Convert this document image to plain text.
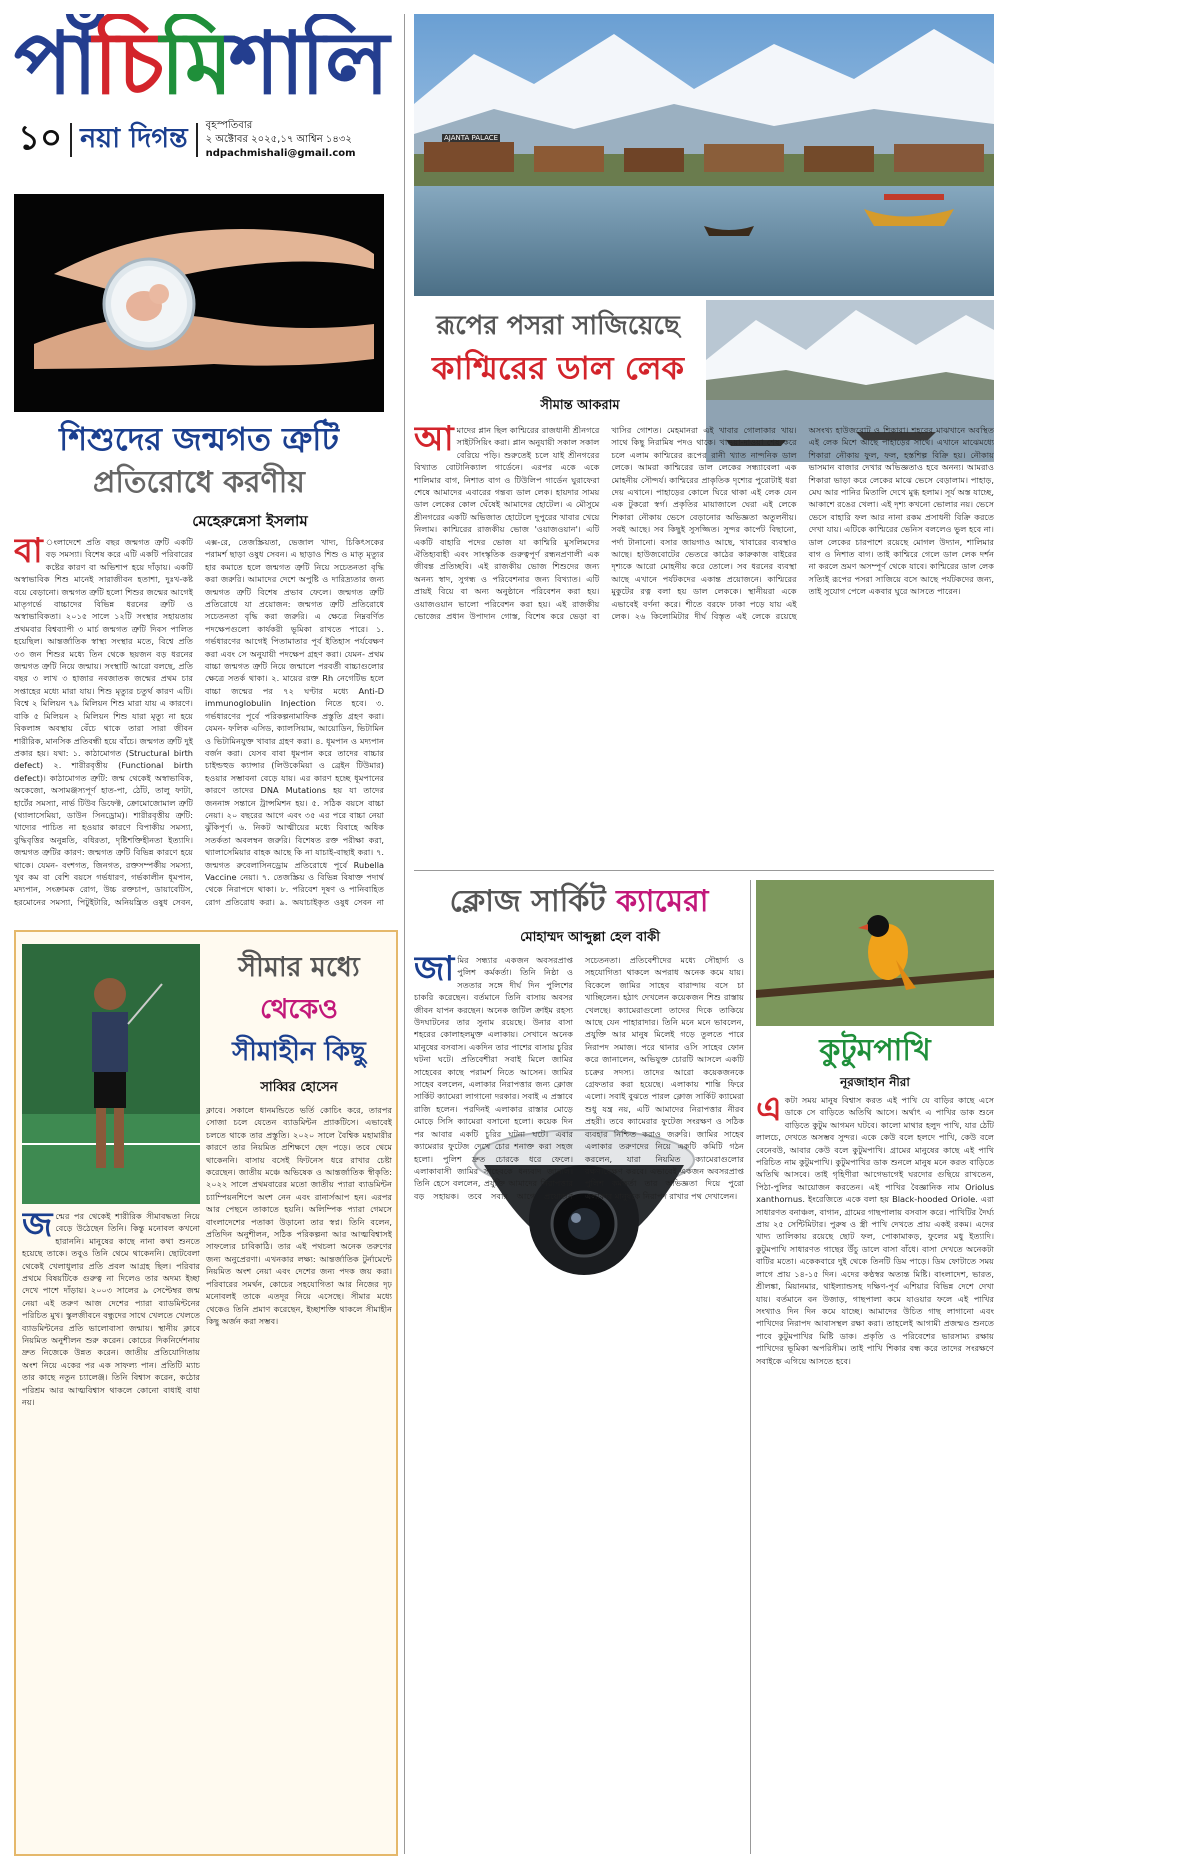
পাঁচিমিশালি
১০ নয়া দিগন্ত বৃহস্পতিবার
২ অক্টোবর ২০২৫,১৭ আশ্বিন ১৪৩২
ndpachmishali@gmail.com
শিশুদের জন্মগত ত্রুটি
প্রতিরোধে করণীয়
মেহেরুন্নেসা ইসলাম
বা ংলাদেশে প্রতি বছর জন্মগত ত্রুটি একটি বড় সমস্যা। বিশেষ করে এটি একটি পরিবারের কষ্টের কারণ বা অভিশাপ হয়ে দাঁড়ায়। একটি অস্বাভাবিক শিশু মানেই সারাজীবন হতাশা, দুঃখ-কষ্ট বয়ে বেড়ানো। জন্মগত ত্রুটি হলো শিশুর জন্মের আগেই মাতৃগর্ভে বাচ্চাদের বিভিন্ন ধরনের ত্রুটি ও অস্বাভাবিকতা। ২০১৫ সালে ১২টি সংস্থার সহায়তায় প্রথমবার বিশ্বব্যাপী ৩ মার্চ জন্মগত ত্রুটি দিবস পালিত হয়েছিল। আন্তর্জাতিক স্বাস্থ্য সংস্থার মতে, বিশ্বে প্রতি ৩৩ জন শিশুর মধ্যে তিন থেকে ছয়জন বড় ধরনের জন্মগত ত্রুটি নিয়ে জন্মায়। সংস্থাটি আরো বলছে, প্রতি বছর ৩ লাখ ৩ হাজার নবজাতক জন্মের প্রথম চার সপ্তাহের মধ্যে মারা যায়। শিশু মৃত্যুর চতুর্থ কারণ এটি। বিশ্বে ২ মিলিয়ন ৭৯ মিলিয়ন শিশু মারা যায় এ কারণে। বাকি ৫ মিলিয়ন ২ মিলিয়ন শিশু যারা মৃত্যু না হয়ে বিকলাঙ্গ অবস্থায় বেঁচে থাকে তারা সারা জীবন শারীরিক, মানসিক প্রতিবন্ধী হয়ে বাঁচে। জন্মগত ত্রুটি দুই প্রকার হয়। যথা: ১. কাঠামোগত (Structural birth defect) ২. শারীরবৃত্তীয় (Functional birth defect)। কাঠামোগত ত্রুটি: জন্ম থেকেই অস্বাভাবিক, অকেজো, অসামঞ্জস্যপূর্ণ হাত-পা, ঠোঁট, তালু ফাটা, হার্টের সমস্যা, নার্ভ টিউব ডিফেক্ট, ক্রোমোজোমাল ত্রুটি (থ্যালাসেমিয়া, ডাউন সিনড্রোম)। শারীরবৃত্তীয় ত্রুটি: খাদ্যের পাচিত না হওয়ার কারণে বিপাকীয় সমস্যা, বুদ্ধিবৃত্তির অনুন্নতি, বধিরতা, দৃষ্টিশক্তিহীনতা ইত্যাদি। জন্মগত ত্রুটির কারণ: জন্মগত ত্রুটি বিভিন্ন কারণে হয়ে থাকে। যেমন- বংশগত, জিনগত, রক্তসম্পর্কীয় সমস্যা, খুব কম বা বেশি বয়সে গর্ভধারণ, গর্ভকালীন ধূমপান, মদ্যপান, সংক্রামক রোগ, উচ্চ রক্তচাপ, ডায়াবেটিস, হরমোনের সমস্যা, পিটুইটারি, অনিয়ন্ত্রিত ওষুধ সেবন, এক্স-রে, তেজস্ক্রিয়তা, ভেজাল খাদ্য, চিকিৎসকের পরামর্শ ছাড়া ওষুধ সেবন। এ ছাড়াও শিশু ও মাতৃ মৃত্যুর হার কমাতে হলে জন্মগত ত্রুটি নিয়ে সচেতনতা বৃদ্ধি করা জরুরি। আমাদের দেশে অপুষ্টি ও দারিদ্র্যতার জন্য জন্মগত ত্রুটি বিশেষ প্রভাব ফেলে। জন্মগত ত্রুটি প্রতিরোধে যা প্রয়োজন: জন্মগত ত্রুটি প্রতিরোধে সচেতনতা বৃদ্ধি করা জরুরি। এ ক্ষেত্রে নিম্নবর্ণিত পদক্ষেপগুলো কার্যকরী ভূমিকা রাখতে পারে। ১. গর্ভধারণের আগেই পিতামাতার পূর্ব ইতিহাস পর্যবেক্ষণ করা এবং সে অনুযায়ী পদক্ষেপ গ্রহণ করা। যেমন- প্রথম বাচ্চা জন্মগত ত্রুটি নিয়ে জন্মালে পরবর্তী বাচ্চাগুলোর ক্ষেত্রে সতর্ক থাকা। ২. মায়ের রক্ত Rh নেগেটিভ হলে বাচ্চা জন্মের পর ৭২ ঘণ্টার মধ্যে Anti-D immunoglobulin Injection নিতে হবে। ৩. গর্ভধারণের পূর্বে পরিকল্পনামাফিক প্রস্তুতি গ্রহণ করা। যেমন- ফলিক এসিড, ক্যালসিয়াম, আয়োডিন, ভিটামিন ও ভিটামিনযুক্ত খাবার গ্রহণ করা। ৪. ধূমপান ও মদ্যপান বর্জন করা। যেসব বাবা ধূমপান করে তাদের বাচ্চার চাইল্ডহুড ক্যান্সার (লিউকেমিয়া ও ব্রেইন টিউমার) হওয়ার সম্ভাবনা বেড়ে যায়। এর কারণ হচ্ছে ধূমপানের কারণে তাদের DNA Mutations হয় যা তাদের জননাঙ্গ সন্তানে ট্রান্সমিশন হয়। ৫. সঠিক বয়সে বাচ্চা নেয়া। ২০ বছরের আগে এবং ৩৫ এর পরে বাচ্চা নেয়া ঝুঁকিপূর্ণ। ৬. নিকট আত্মীয়ের মধ্যে বিবাহে অধিক সতর্কতা অবলম্বন জরুরি। বিশেষত রক্ত পরীক্ষা করা, থ্যালাসেমিয়ার বাহক আছে কি না যাচাই-বাছাই করা। ৭. জন্মগত রুবেলাসিনড্রোম প্রতিরোধে পূর্বে Rubella Vaccine নেয়া। ৭. তেজস্ক্রিয় ও বিভিন্ন বিষাক্ত পদার্থ থেকে নিরাপদে থাকা। ৮. পরিবেশ দূষণ ও পানিবাহিত রোগ প্রতিরোধ করা। ৯. অযাচাইকৃত ওষুধ সেবন না
AJANTA PALACE
রূপের পসরা সাজিয়েছে
কাশ্মিরের ডাল লেক
সীমান্ত আকরাম
আমাদের প্লান ছিল কাশ্মিরের রাজধানী শ্রীনগরে সাইটসিয়িং করা। প্লান অনুযায়ী সকাল সকাল বেরিয়ে পড়ি। শুরুতেই চলে যাই শ্রীনগরের বিখ্যাত বোটানিক্যাল গার্ডেনে। এরপর একে একে শালিমার বাগ, নিশাত বাগ ও টিউলিপ গার্ডেন ঘুরাফেরা শেষে আমাদের এবারের গন্তব্য ডাল লেক। হায়দার সাময় ডাল লেকের কোল ঘেঁষেই আমাদের হোটেল। এ মৌসুমে শ্রীনগরের একটি অভিজাত হোটেলে দুপুরের খাবার খেয়ে নিলাম। কাশ্মিরের রাজকীয় ভোজ 'ওয়াজওয়ান'। এটি একটি বাহারি পদের ভোজ যা কাশ্মিরি মুসলিমদের ঐতিহ্যবাহী এবং সাংস্কৃতিক গুরুত্বপূর্ণ রন্ধনপ্রণালী এক জীবন্ত প্রতিচ্ছবি। এই রাজকীয় ভোজ শিশুদের জন্য অনন্য স্বাদ, সুগন্ধ ও পরিবেশনার জন্য বিখ্যাত। এটি প্রায়ই বিয়ে বা অন্য অনুষ্ঠানে পরিবেশন করা হয়। ওয়াজওয়ান ভালো পরিবেশন করা হয়। এই রাজকীয় ভোজের প্রধান উপাদান গোস্ত, বিশেষ করে ভেড়া বা খাসির গোশত। মেহমানরা এই খাবার গোলাকার খায়। সাথে কিছু নিরামিষ পদও থাকে। খাওয়া-দাওয়া শেষ করে চলে এলাম কাশ্মিরের রূপের রানী খ্যাত নান্দনিক ডাল লেকে। আমরা কাশ্মিরের ডাল লেকের সন্ধ্যাবেলা এক মোহনীয় সৌন্দর্য। কাশ্মিরের প্রাকৃতিক দৃশ্যের পুরোটাই ধরা দেয় এখানে। পাহাড়ের কোলে ঘিরে থাকা এই লেক যেন এক টুকরো স্বর্গ। প্রকৃতির মায়াজালে ঘেরা এই লেকে শিকারা নৌকায় ভেসে বেড়ানোর অভিজ্ঞতা অতুলনীয়। সবই আছে। সব কিছুই সুসজ্জিত। সুন্দর কার্পেট বিছানো, পর্দা টানানো। বসার জায়গাও আছে, খাবারের ব্যবস্থাও আছে। হাউজবোটের ভেতরে কাঠের কারুকাজ বাইরের দৃশ্যকে আরো মোহনীয় করে তোলে। সব ধরনের ব্যবস্থা আছে এখানে পর্যটকদের একান্ত প্রয়োজনে। কাশ্মিরের মুকুটের রত্ন বলা হয় ডাল লেককে। স্থানীয়রা একে এভাবেই বর্ণনা করে। শীতে বরফে ঢাকা পড়ে যায় এই লেক। ২৬ কিলোমিটার দীর্ঘ বিস্তৃত এই লেকে রয়েছে অসংখ্য হাউজবোট ও শিকারা। শহরের মাঝখানে অবস্থিত এই লেক মিশে আছে পাহাড়ের সাথে। এখানে মাঝেমধ্যে শিকারা নৌকায় ফুল, ফল, হস্তশিল্প বিক্রি হয়। নৌকায় ভাসমান বাজার দেখার অভিজ্ঞতাও হবে অনন্য। আমরাও শিকারা ভাড়া করে লেকের মাঝে ভেসে বেড়ালাম। পাহাড়, মেঘ আর পানির মিতালি দেখে মুগ্ধ হলাম। সূর্য অস্ত যাচ্ছে, আকাশে রঙের খেলা। এই দৃশ্য কখনো ভোলার নয়। ভেসে ভেসে বাহারি ফল আর নানা রকম প্রসাধনী বিক্রি করতে দেখা যায়। এটিকে কাশ্মিরের ভেনিস বললেও ভুল হবে না। ডাল লেকের চারপাশে রয়েছে মোগল উদ্যান, শালিমার বাগ ও নিশাত বাগ। তাই কাশ্মিরে গেলে ডাল লেক দর্শন না করলে ভ্রমণ অসম্পূর্ণ থেকে যাবে। কাশ্মিরের ডাল লেক সত্যিই রূপের পসরা সাজিয়ে বসে আছে পর্যটকদের জন্য, তাই সুযোগ পেলে একবার ঘুরে আসতে পারেন।
ক্লোজ সার্কিট ক্যামেরা
মোহাম্মদ আব্দুল্লা হেল বাকী
জামির সন্ধ্যার একজন অবসরপ্রাপ্ত পুলিশ কর্মকর্তা। তিনি নিষ্ঠা ও সততার সঙ্গে দীর্ঘ দিন পুলিশের চাকরি করেছেন। বর্তমানে তিনি বাসায় অবসর জীবন যাপন করছেন। অনেক জটিল ক্রাইম রহস্য উদঘাটনের তার সুনাম রয়েছে। উনার বাসা শহরের কোলাহলমুক্ত এলাকায়। সেখানে অনেক মানুষের বসবাস। একদিন তার পাশের বাসায় চুরির ঘটনা ঘটে। প্রতিবেশীরা সবাই মিলে জামির সাহেবের কাছে পরামর্শ নিতে আসেন। জামির সাহেব বললেন, এলাকার নিরাপত্তার জন্য ক্লোজ সার্কিট ক্যামেরা লাগানো দরকার। সবাই এ প্রস্তাবে রাজি হলেন। পরদিনই এলাকার রাস্তার মোড়ে মোড়ে সিসি ক্যামেরা বসানো হলো। কয়েক দিন পর আবার একটি চুরির ঘটনা ঘটে। এবার ক্যামেরার ফুটেজ দেখে চোর শনাক্ত করা সহজ হলো। পুলিশ দ্রুত চোরকে ধরে ফেলে। এলাকাবাসী জামির সাহেবকে ধন্যবাদ জানাল। তিনি হেসে বললেন, প্রযুক্তি আমাদের নিরাপত্তার বড় সহায়ক। তবে সবার আগে প্রয়োজন সচেতনতা। প্রতিবেশীদের মধ্যে সৌহার্দ্য ও সহযোগিতা থাকলে অপরাধ অনেক কমে যায়। বিকেলে জামির সাহেব বারান্দায় বসে চা খাচ্ছিলেন। হঠাৎ দেখলেন কয়েকজন শিশু রাস্তায় খেলছে। ক্যামেরাগুলো তাদের দিকে তাকিয়ে আছে যেন পাহারাদার। তিনি মনে মনে ভাবলেন, প্রযুক্তি আর মানুষ মিলেই গড়ে তুলতে পারে নিরাপদ সমাজ। পরে থানার ওসি সাহেব ফোন করে জানালেন, অভিযুক্ত চোরটি আসলে একটি চক্রের সদস্য। তাদের আরো কয়েকজনকে গ্রেফতার করা হয়েছে। এলাকায় শান্তি ফিরে এলো। সবাই বুঝতে পারল ক্লোজ সার্কিট ক্যামেরা শুধু যন্ত্র নয়, এটি আমাদের নিরাপত্তার নীরব প্রহরী। তবে ক্যামেরার ফুটেজ সংরক্ষণ ও সঠিক ব্যবহার নিশ্চিত করাও জরুরি। জামির সাহেব এলাকার তরুণদের নিয়ে একটি কমিটি গঠন করলেন, যারা নিয়মিত ক্যামেরাগুলোর রক্ষণাবেক্ষণ করবে। এভাবেই একজন অবসরপ্রাপ্ত পুলিশ কর্মকর্তা তার অভিজ্ঞতা দিয়ে পুরো এলাকার মানুষকে নিরাপদ রাখার পথ দেখালেন।
কুটুমপাখি
নূরজাহান নীরা
একটা সময় মানুষ বিশ্বাস করত এই পাখি যে বাড়ির কাছে এসে ডাকে সে বাড়িতে অতিথি আসে। অর্থাৎ এ পাখির ডাক শুনে বাড়িতে কুটুম আগমন ঘটবে। কালো মাথার হলুদ পাখি, যার ঠোঁট লালচে, দেখতে অসম্ভব সুন্দর। একে কেউ বলে হলদে পাখি, কেউ বলে বেনেবউ, আবার কেউ বলে কুটুমপাখি। গ্রামের মানুষের কাছে এই পাখি পরিচিত নাম কুটুমপাখি। কুটুমপাখির ডাক শুনলে মানুষ মনে করত বাড়িতে অতিথি আসবে। তাই গৃহিণীরা আগেভাগেই ঘরদোর গুছিয়ে রাখতেন, পিঠা-পুলির আয়োজন করতেন। এই পাখির বৈজ্ঞানিক নাম Oriolus xanthornus. ইংরেজিতে একে বলা হয় Black-hooded Oriole. এরা সাধারণত বনাঞ্চল, বাগান, গ্রামের গাছপালায় বসবাস করে। পাখিটির দৈর্ঘ্য প্রায় ২৫ সেন্টিমিটার। পুরুষ ও স্ত্রী পাখি দেখতে প্রায় একই রকম। এদের খাদ্য তালিকায় রয়েছে ছোট ফল, পোকামাকড়, ফুলের মধু ইত্যাদি। কুটুমপাখি সাধারণত গাছের উঁচু ডালে বাসা বাঁধে। বাসা দেখতে অনেকটা বাটির মতো। একেকবারে দুই থেকে তিনটি ডিম পাড়ে। ডিম ফোটাতে সময় লাগে প্রায় ১৪-১৫ দিন। এদের কণ্ঠস্বর অত্যন্ত মিষ্টি। বাংলাদেশ, ভারত, শ্রীলঙ্কা, মিয়ানমার, থাইল্যান্ডসহ দক্ষিণ-পূর্ব এশিয়ার বিভিন্ন দেশে দেখা যায়। বর্তমানে বন উজাড়, গাছপালা কমে যাওয়ার ফলে এই পাখির সংখ্যাও দিন দিন কমে যাচ্ছে। আমাদের উচিত গাছ লাগানো এবং পাখিদের নিরাপদ আবাসস্থল রক্ষা করা। তাহলেই আগামী প্রজন্মও শুনতে পাবে কুটুমপাখির মিষ্টি ডাক। প্রকৃতি ও পরিবেশের ভারসাম্য রক্ষায় পাখিদের ভূমিকা অপরিসীম। তাই পাখি শিকার বন্ধ করে তাদের সংরক্ষণে সবাইকে এগিয়ে আসতে হবে।
সীমার মধ্যে
থেকেও
সীমাহীন কিছু
সাব্বির হোসেন
ক্লাবে। সকালে ধানমন্ডিতে ভর্তি কোচিং করে, তারপর সোজা চলে যেতেন ব্যাডমিন্টন প্র্যাকটিসে। এভাবেই চলতে থাকে তার প্রস্তুতি। ২০২০ সালে বৈশ্বিক মহামারীর কারণে তার নিয়মিত প্রশিক্ষণে ছেদ পড়ে। তবে থেমে থাকেননি। বাসায় বসেই ফিটনেস ধরে রাখার চেষ্টা করেছেন। জাতীয় মঞ্চে অভিষেক ও আন্তর্জাতিক স্বীকৃতি: ২০২২ সালে প্রথমবারের মতো জাতীয় প্যারা ব্যাডমিন্টন চ্যাম্পিয়নশিপে অংশ নেন এবং রানার্সআপ হন। এরপর আর পেছনে তাকাতে হয়নি। অলিম্পিক প্যারা গেমসে বাংলাদেশের পতাকা উড়ানো তার স্বপ্ন। তিনি বলেন, প্রতিদিন অনুশীলন, সঠিক পরিকল্পনা আর আত্মবিশ্বাসই সাফল্যের চাবিকাঠি। তার এই পথচলা অনেক তরুণের জন্য অনুপ্রেরণা। এখনকার লক্ষ্য: আন্তর্জাতিক টুর্নামেন্টে নিয়মিত অংশ নেয়া এবং দেশের জন্য পদক জয় করা। পরিবারের সমর্থন, কোচের সহযোগিতা আর নিজের দৃঢ় মনোবলই তাকে এতদূর নিয়ে এসেছে। সীমার মধ্যে থেকেও তিনি প্রমাণ করেছেন, ইচ্ছাশক্তি থাকলে সীমাহীন কিছু অর্জন করা সম্ভব।
জন্মের পর থেকেই শারীরিক সীমাবদ্ধতা নিয়ে বেড়ে উঠেছেন তিনি। কিন্তু মনোবল কখনো হারাননি। মানুষের কাছে নানা কথা শুনতে হয়েছে তাকে। তবুও তিনি থেমে থাকেননি। ছোটবেলা থেকেই খেলাধুলার প্রতি প্রবল আগ্রহ ছিল। পরিবার প্রথমে বিষয়টিকে গুরুত্ব না দিলেও তার অদম্য ইচ্ছা দেখে পাশে দাঁড়ায়। ২০০৩ সালের ৯ সেপ্টেম্বর জন্ম নেয়া এই তরুণ আজ দেশের প্যারা ব্যাডমিন্টনের পরিচিত মুখ। স্কুলজীবনে বন্ধুদের সাথে খেলতে খেলতে ব্যাডমিন্টনের প্রতি ভালোবাসা জন্মায়। স্থানীয় ক্লাবে নিয়মিত অনুশীলন শুরু করেন। কোচের দিকনির্দেশনায় দ্রুত নিজেকে উন্নত করেন। জাতীয় প্রতিযোগিতায় অংশ নিয়ে একের পর এক সাফল্য পান। প্রতিটি ম্যাচ তার কাছে নতুন চ্যালেঞ্জ। তিনি বিশ্বাস করেন, কঠোর পরিশ্রম আর আত্মবিশ্বাস থাকলে কোনো বাধাই বাধা নয়।
